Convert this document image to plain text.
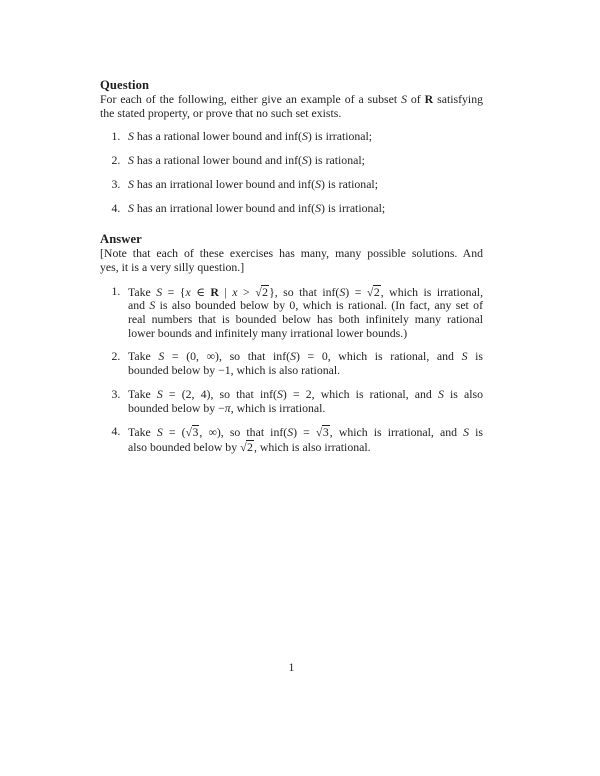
Question
For each of the following, either give an example of a subset S of R satisfying
the stated property, or prove that no such set exists.
1. S has a rational lower bound and inf(S) is irrational;
2. S has a rational lower bound and inf(S) is rational;
3. S has an irrational lower bound and inf(S) is rational;
4. S has an irrational lower bound and inf(S) is irrational;
Answer
[Note that each of these exercises has many, many possible solutions. And
yes, it is a very silly question.]
1. Take S = {x ∈ R | x > √2}, so that inf(S) = √2, which is irrational,
and S is also bounded below by 0, which is rational. (In fact, any set of
real numbers that is bounded below has both infinitely many rational
lower bounds and infinitely many irrational lower bounds.)
2. Take S = (0, ∞), so that inf(S) = 0, which is rational, and S is
bounded below by −1, which is also rational.
3. Take S = (2, 4), so that inf(S) = 2, which is rational, and S is also
bounded below by −π, which is irrational.
4. Take S = (√3, ∞), so that inf(S) = √3, which is irrational, and S is
also bounded below by √2, which is also irrational.
1
